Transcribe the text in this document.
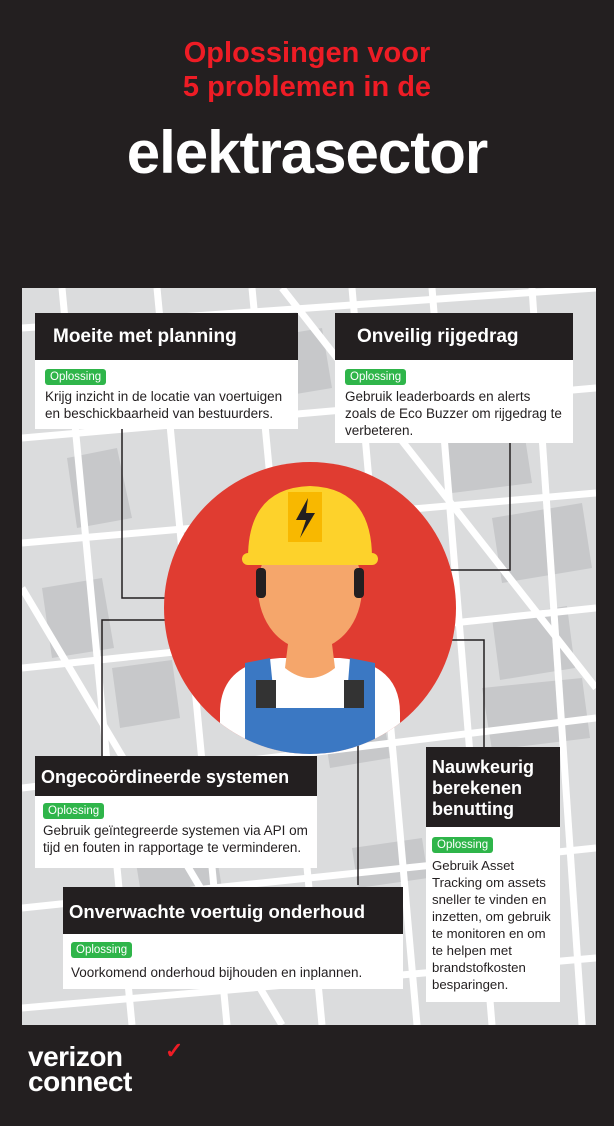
Oplossingen voor
5 problemen in de
elektrasector
Moeite met planning
Oplossing
Krijg inzicht in de locatie van voertuigen en beschickbaarheid van bestuurders.
Onveilig rijgedrag
Oplossing
Gebruik leaderboards en alerts zoals de Eco Buzzer om rijgedrag te verbeteren.
Ongecoördineerde systemen
Oplossing
Gebruik geïntegreerde systemen via API om tijd en fouten in rapportage te verminderen.
Nauwkeurig berekenen benutting
Oplossing
Gebruik Asset Tracking om assets sneller te vinden en inzetten, om gebruik te monitoren en om te helpen met brandstofkosten besparingen.
Onverwachte voertuig onderhoud
Oplossing
Voorkomend onderhoud bijhouden en inplannen.
verizon
connect
✓
